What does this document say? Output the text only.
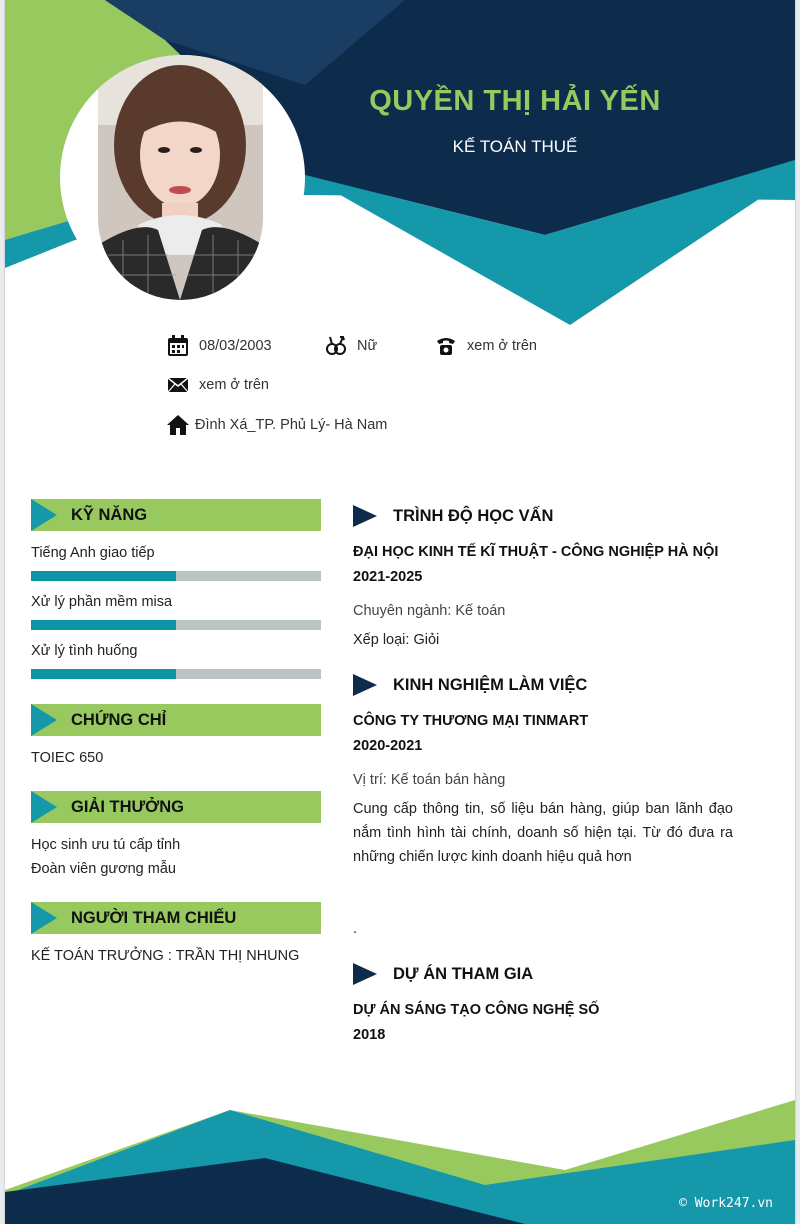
QUYỀN THỊ HẢI YẾN
KẾ TOÁN THUẾ
08/03/2003	Nữ	xem ở trên
xem ở trên
Đình Xá_TP. Phủ Lý- Hà Nam
KỸ NĂNG
Tiếng Anh giao tiếp
Xử lý phần mềm misa
Xử lý tình huống
CHỨNG CHỈ
TOIEC 650
GIẢI THƯỞNG
Học sinh ưu tú cấp tỉnh
Đoàn viên gương mẫu
NGƯỜI THAM CHIẾU
KẾ TOÁN TRƯỞNG : TRẦN THỊ NHUNG
TRÌNH ĐỘ HỌC VẤN
ĐẠI HỌC KINH TẾ KĨ THUẬT - CÔNG NGHIỆP HÀ NỘI
2021-2025
Chuyên ngành: Kế toán
Xếp loại: Giỏi
KINH NGHIỆM LÀM VIỆC
CÔNG TY THƯƠNG MẠI TINMART
2020-2021
Vị trí: Kế toán bán hàng
Cung cấp thông tin, số liệu bán hàng, giúp ban lãnh đạo nắm tình hình tài chính, doanh số hiện tại. Từ đó đưa ra những chiến lược kinh doanh hiệu quả hơn
.
DỰ ÁN THAM GIA
DỰ ÁN SÁNG TẠO CÔNG NGHỆ SỐ
2018
© Work247.vn
